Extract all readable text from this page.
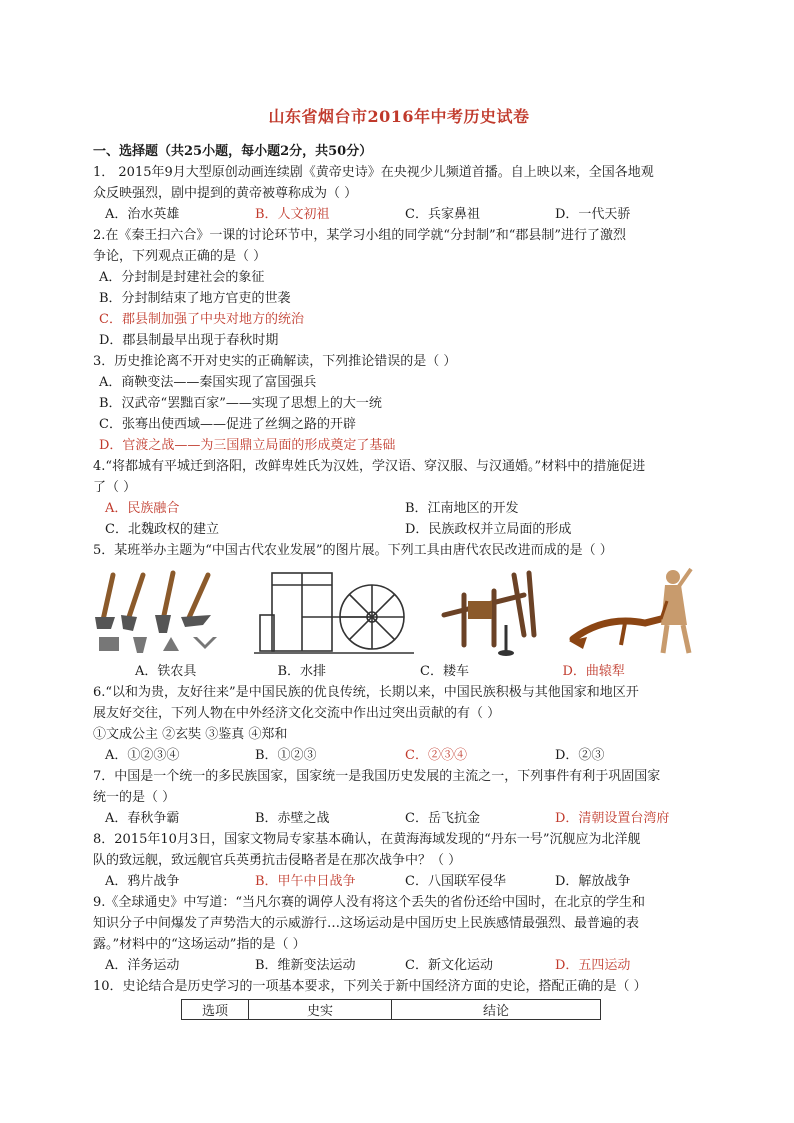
山东省烟台市2016年中考历史试卷
一、选择题（共25小题，每小题2分，共50分）
1． 2015年9月大型原创动画连续剧《黄帝史诗》在央视少儿频道首播。自上映以来，全国各地观
众反映强烈，剧中提到的黄帝被尊称成为（ ）
A．治水英雄	B．人文初祖	C．兵家鼻祖	D．一代天骄
2.在《秦王扫六合》一课的讨论环节中，某学习小组的同学就“分封制”和“郡县制”进行了激烈
争论，下列观点正确的是（ ）
A．分封制是封建社会的象征
B．分封制结束了地方官吏的世袭
C．郡县制加强了中央对地方的统治
D．郡县制最早出现于春秋时期
3．历史推论离不开对史实的正确解读，下列推论错误的是（ ）
A．商鞅变法——秦国实现了富国强兵
B．汉武帝“罢黜百家”——实现了思想上的大一统
C．张骞出使西域——促进了丝绸之路的开辟
D．官渡之战——为三国鼎立局面的形成奠定了基础
4.“将都城有平城迁到洛阳，改鲜卑姓氏为汉姓，学汉语、穿汉服、与汉通婚。”材料中的措施促进
了（ ）
A．民族融合	B．江南地区的开发
C．北魏政权的建立	D．民族政权并立局面的形成
5．某班举办主题为“中国古代农业发展”的图片展。下列工具由唐代农民改进而成的是（ ）
A．铁农具	B．水排	C．耧车	D．曲辕犁
6.“以和为贵，友好往来”是中国民族的优良传统，长期以来，中国民族积极与其他国家和地区开
展友好交往，下列人物在中外经济文化交流中作出过突出贡献的有（ ）
①文成公主 ②玄奘 ③鉴真 ④郑和
A．①②③④	B．①②③	C．②③④	D．②③
7．中国是一个统一的多民族国家，国家统一是我国历史发展的主流之一，下列事件有利于巩固国家
统一的是（ ）
A．春秋争霸	B．赤壁之战	C．岳飞抗金	D．清朝设置台湾府
8．2015年10月3日，国家文物局专家基本确认，在黄海海域发现的“丹东一号”沉舰应为北洋舰
队的致远舰，致远舰官兵英勇抗击侵略者是在那次战争中？（ ）
A．鸦片战争	B．甲午中日战争	C．八国联军侵华	D．解放战争
9.《全球通史》中写道：“当凡尔赛的调停人没有将这个丢失的省份还给中国时，在北京的学生和
知识分子中间爆发了声势浩大的示威游行…这场运动是中国历史上民族感情最强烈、最普遍的表
露。”材料中的“这场运动”指的是（ ）
A．洋务运动	B．维新变法运动	C．新文化运动	D．五四运动
10．史论结合是历史学习的一项基本要求，下列关于新中国经济方面的史论，搭配正确的是（ ）
选项	史实	结论
